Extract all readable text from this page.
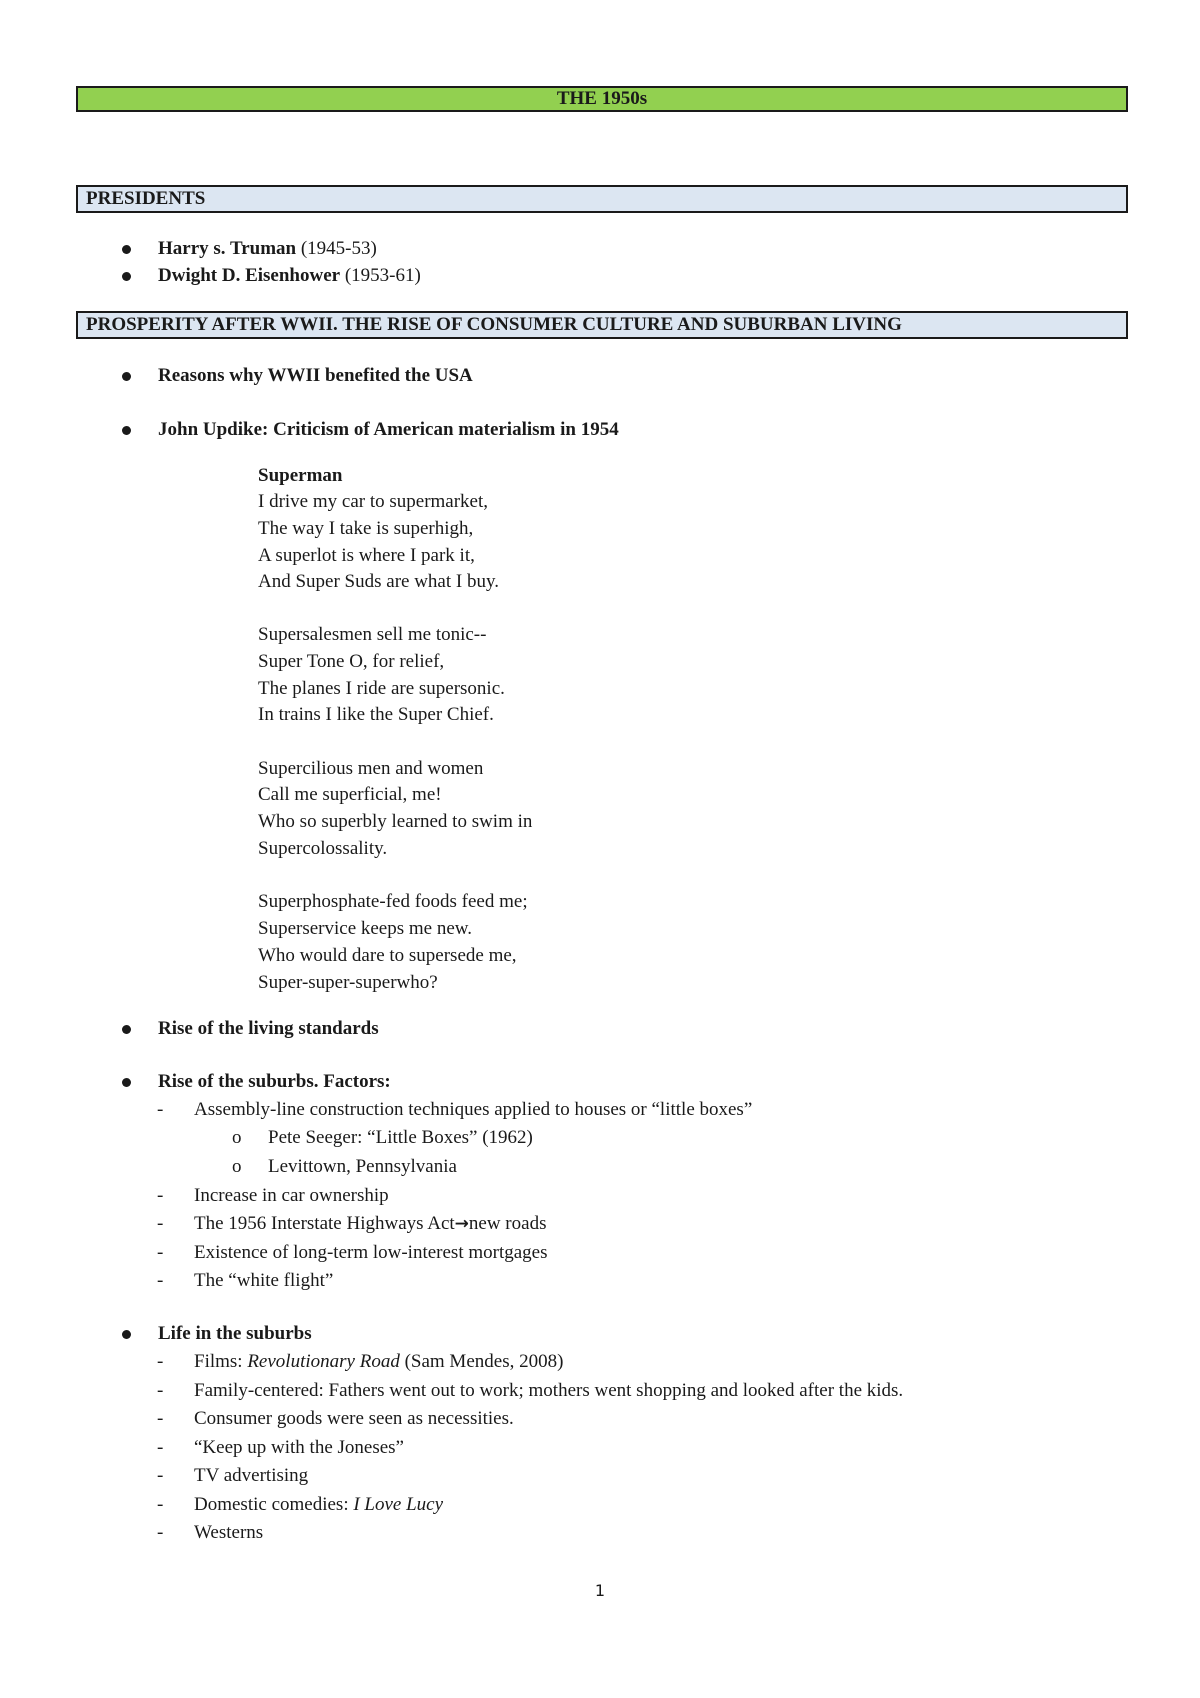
THE 1950s
PRESIDENTS
Harry s. Truman (1945-53)
Dwight D. Eisenhower (1953-61)
PROSPERITY AFTER WWII. THE RISE OF CONSUMER CULTURE AND SUBURBAN LIVING
Reasons why WWII benefited the USA
John Updike: Criticism of American materialism in 1954
Superman
I drive my car to supermarket,
The way I take is superhigh,
A superlot is where I park it,
And Super Suds are what I buy.
Supersalesmen sell me tonic--
Super Tone O, for relief,
The planes I ride are supersonic.
In trains I like the Super Chief.
Supercilious men and women
Call me superficial, me!
Who so superbly learned to swim in
Supercolossality.
Superphosphate-fed foods feed me;
Superservice keeps me new.
Who would dare to supersede me,
Super-super-superwho?
Rise of the living standards
Rise of the suburbs. Factors:
- Assembly-line construction techniques applied to houses or “little boxes”
o Pete Seeger: “Little Boxes” (1962)
o Levittown, Pennsylvania
- Increase in car ownership
- The 1956 Interstate Highways Act→new roads
- Existence of long-term low-interest mortgages
- The “white flight”
Life in the suburbs
- Films: Revolutionary Road (Sam Mendes, 2008)
- Family-centered: Fathers went out to work; mothers went shopping and looked after the kids.
- Consumer goods were seen as necessities.
- “Keep up with the Joneses”
- TV advertising
- Domestic comedies: I Love Lucy
- Westerns
1
